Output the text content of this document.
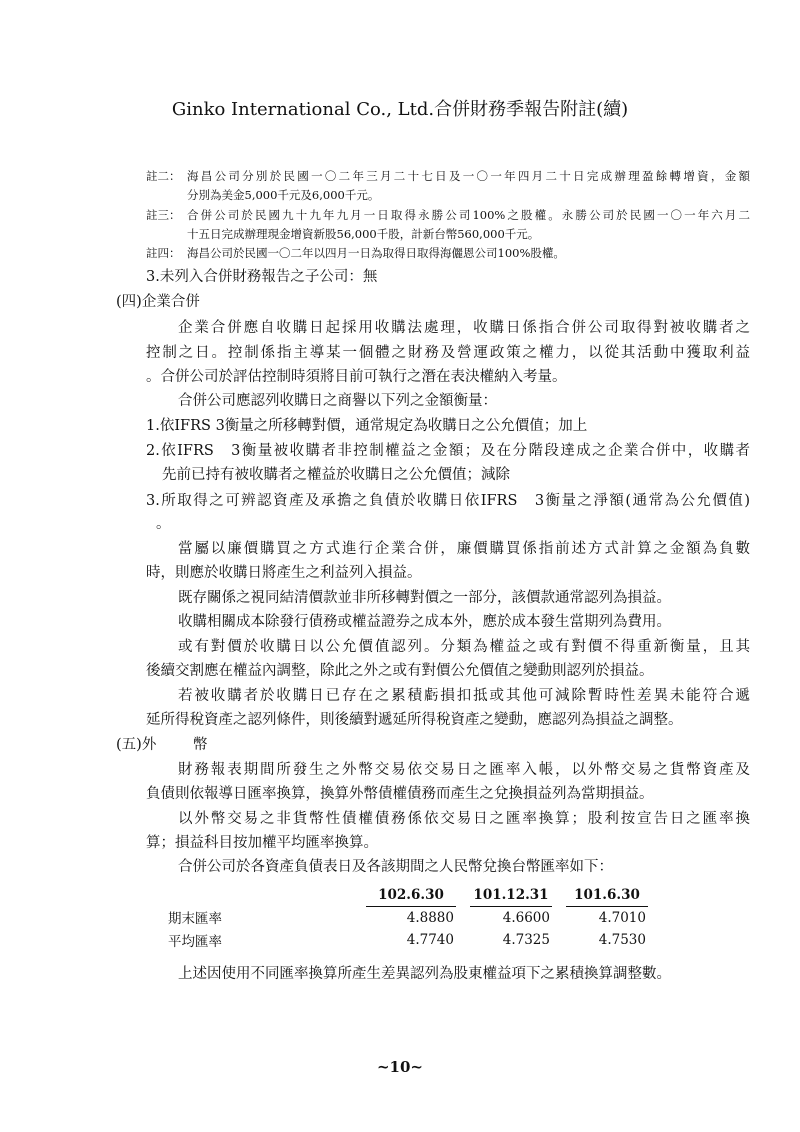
Ginko International Co., Ltd.合併財務季報告附註(續)
註二： 海昌公司分別於民國一〇二年三月二十七日及一〇一年四月二十日完成辦理盈餘轉增資，金額
分別為美金5,000千元及6,000千元。
註三： 合併公司於民國九十九年九月一日取得永勝公司100%之股權。永勝公司於民國一〇一年六月二
十五日完成辦理現金增資新股56,000千股，計新台幣560,000千元。
註四： 海昌公司於民國一〇二年以四月一日為取得日取得海儷恩公司100%股權。
3.未列入合併財務報告之子公司：無
(四)企業合併
企業合併應自收購日起採用收購法處理，收購日係指合併公司取得對被收購者之
控制之日。控制係指主導某一個體之財務及營運政策之權力，以從其活動中獲取利益
。合併公司於評估控制時須將目前可執行之潛在表決權納入考量。
合併公司應認列收購日之商譽以下列之金額衡量：
1.依IFRS 3衡量之所移轉對價，通常規定為收購日之公允價值；加上
2.依IFRS　3衡量被收購者非控制權益之金額；及在分階段達成之企業合併中，收購者
先前已持有被收購者之權益於收購日之公允價值；減除
3.所取得之可辨認資產及承擔之負債於收購日依IFRS　3衡量之淨額(通常為公允價值)
。
當屬以廉價購買之方式進行企業合併，廉價購買係指前述方式計算之金額為負數
時，則應於收購日將產生之利益列入損益。
既存關係之視同結清價款並非所移轉對價之一部分，該價款通常認列為損益。
收購相關成本除發行債務或權益證券之成本外，應於成本發生當期列為費用。
或有對價於收購日以公允價值認列。分類為權益之或有對價不得重新衡量，且其
後續交割應在權益內調整，除此之外之或有對價公允價值之變動則認列於損益。
若被收購者於收購日已存在之累積虧損扣抵或其他可減除暫時性差異未能符合遞
延所得稅資產之認列條件，則後續對遞延所得稅資產之變動，應認列為損益之調整。
(五)外	幣
財務報表期間所發生之外幣交易依交易日之匯率入帳，以外幣交易之貨幣資產及
負債則依報導日匯率換算，換算外幣債權債務而產生之兌換損益列為當期損益。
以外幣交易之非貨幣性債權債務係依交易日之匯率換算；股利按宣告日之匯率換
算；損益科目按加權平均匯率換算。
合併公司於各資產負債表日及各該期間之人民幣兌換台幣匯率如下：
	102.6.30		101.12.31		101.6.30
期末匯率	4.8880		4.6600		4.7010
平均匯率	4.7740		4.7325		4.7530
上述因使用不同匯率換算所產生差異認列為股東權益項下之累積換算調整數。
~10~
